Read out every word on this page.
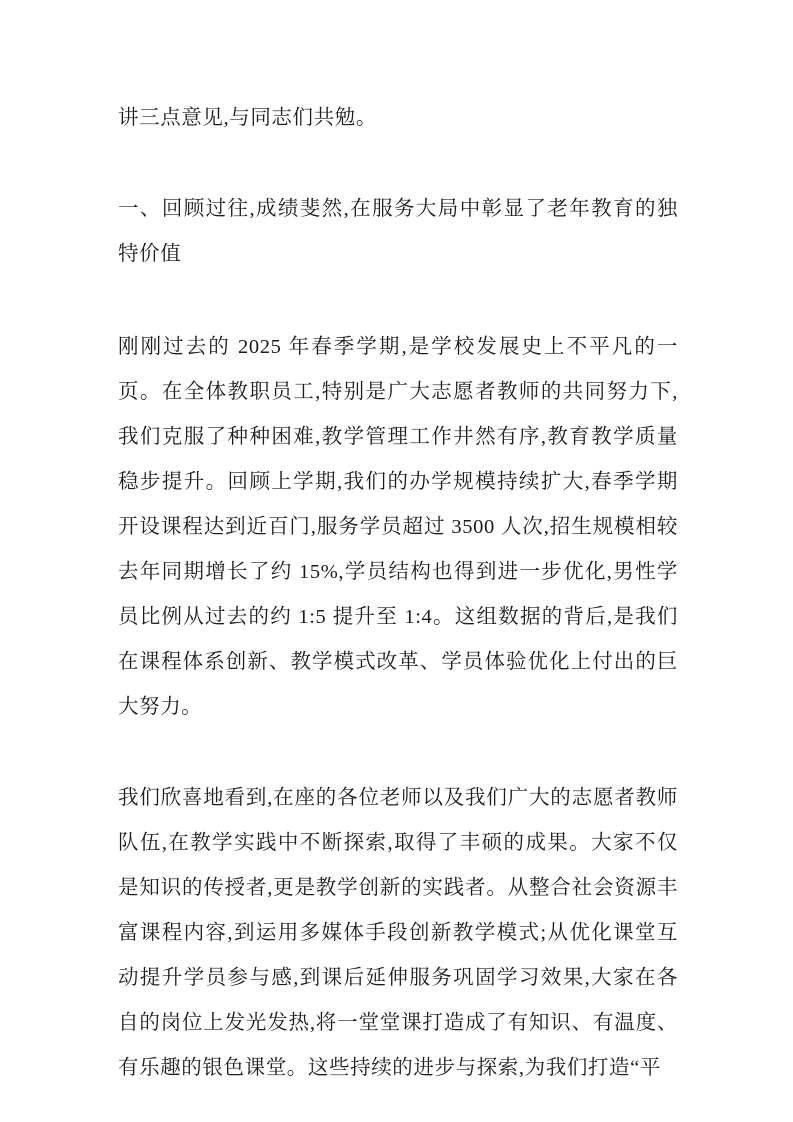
讲三点意见,与同志们共勉。

一、回顾过往,成绩斐然,在服务大局中彰显了老年教育的独特价值

刚刚过去的 2025 年春季学期,是学校发展史上不平凡的一页。在全体教职员工,特别是广大志愿者教师的共同努力下,我们克服了种种困难,教学管理工作井然有序,教育教学质量稳步提升。回顾上学期,我们的办学规模持续扩大,春季学期开设课程达到近百门,服务学员超过 3500 人次,招生规模相较去年同期增长了约 15%,学员结构也得到进一步优化,男性学员比例从过去的约 1:5 提升至 1:4。这组数据的背后,是我们在课程体系创新、教学模式改革、学员体验优化上付出的巨大努力。

我们欣喜地看到,在座的各位老师以及我们广大的志愿者教师队伍,在教学实践中不断探索,取得了丰硕的成果。大家不仅是知识的传授者,更是教学创新的实践者。从整合社会资源丰富课程内容,到运用多媒体手段创新教学模式;从优化课堂互动提升学员参与感,到课后延伸服务巩固学习效果,大家在各自的岗位上发光发热,将一堂堂课打造成了有知识、有温度、有乐趣的银色课堂。这些持续的进步与探索,为我们打造“平
